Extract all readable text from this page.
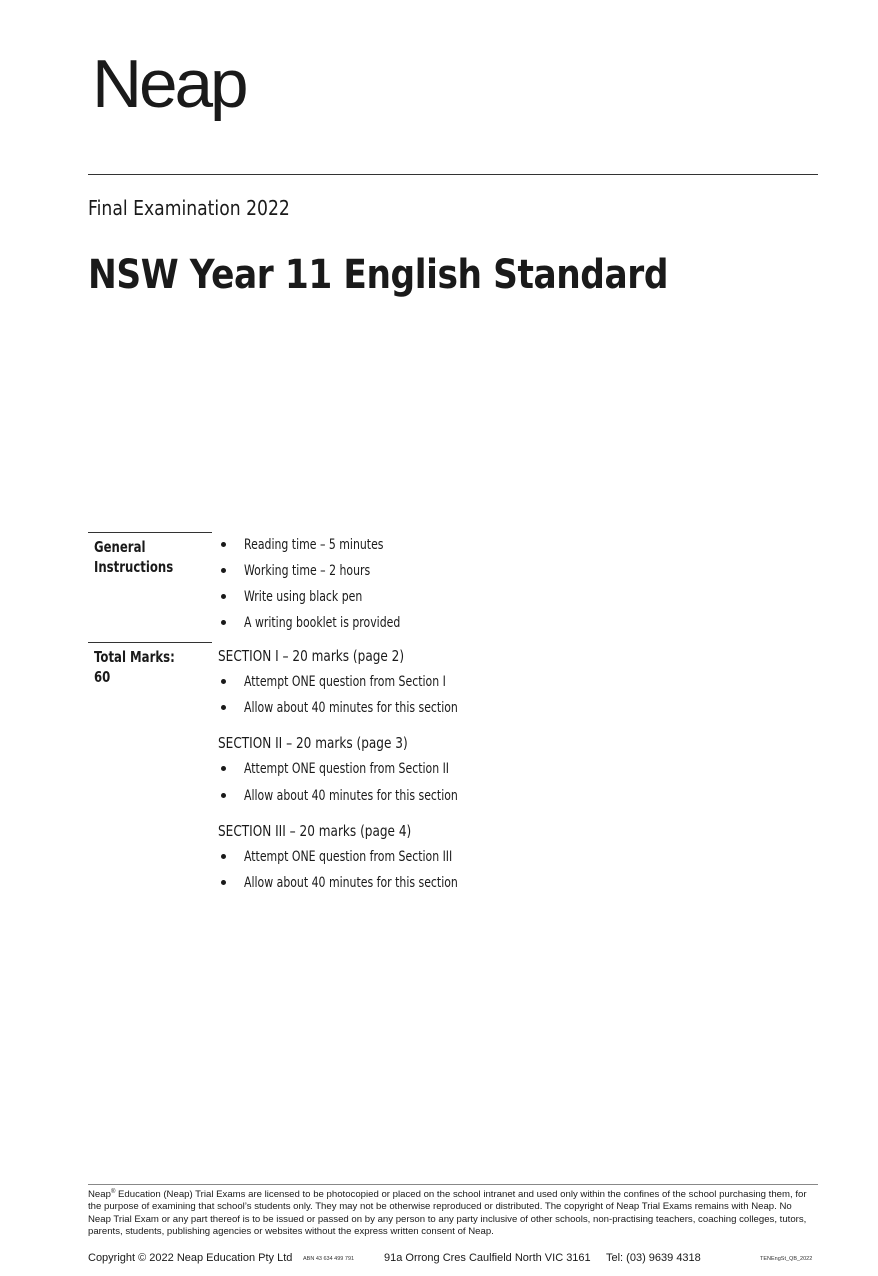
Neap
Final Examination 2022
NSW Year 11 English Standard
General
Instructions
Reading time – 5 minutes
Working time – 2 hours
Write using black pen
A writing booklet is provided
Total Marks:
60
SECTION I – 20 marks (page 2)
Attempt ONE question from Section I
Allow about 40 minutes for this section
SECTION II – 20 marks (page 3)
Attempt ONE question from Section II
Allow about 40 minutes for this section
SECTION III – 20 marks (page 4)
Attempt ONE question from Section III
Allow about 40 minutes for this section
Neap® Education (Neap) Trial Exams are licensed to be photocopied or placed on the school intranet and used only within the confines of the school purchasing them, for the purpose of examining that school’s students only. They may not be otherwise reproduced or distributed. The copyright of Neap Trial Exams remains with Neap. No Neap Trial Exam or any part thereof is to be issued or passed on by any person to any party inclusive of other schools, non-practising teachers, coaching colleges, tutors, parents, students, publishing agencies or websites without the express written consent of Neap.
Copyright © 2022 Neap Education Pty Ltd ABN 43 634 499 791	91a Orrong Cres Caulfield North VIC 3161 Tel: (03) 9639 4318	TENEngSt_QB_2022
